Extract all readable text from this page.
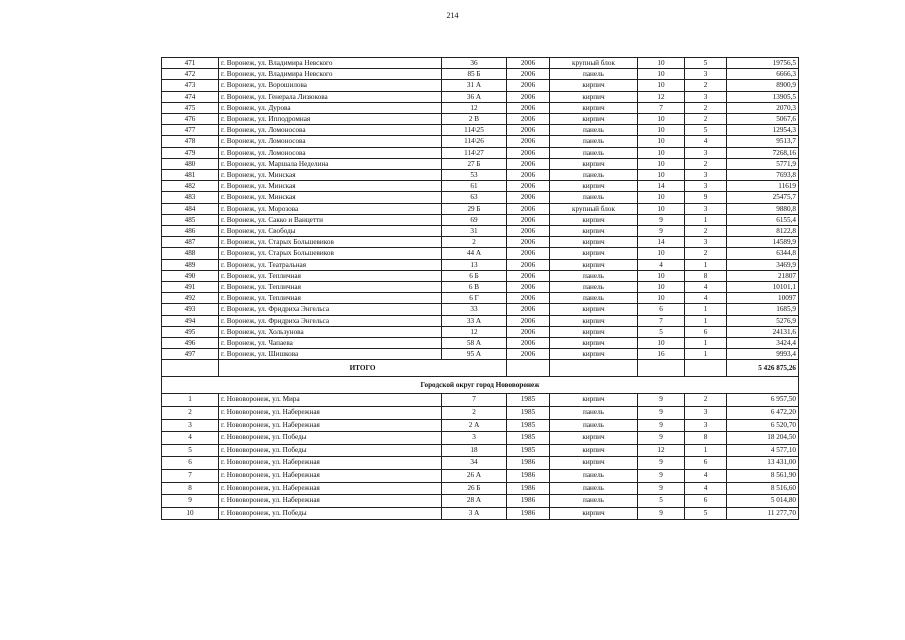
214
471	г. Воронеж, ул. Владимира Невского	36	2006	крупный блок	10	5	19756,5
472	г. Воронеж, ул. Владимира Невского	85 Б	2006	панель	10	3	6666,3
473	г. Воронеж, ул. Ворошилова	31 А	2006	кирпич	10	2	8900,9
474	г. Воронеж, ул. Генерала Лизюкова	36 А	2006	кирпич	12	3	13905,5
475	г. Воронеж, ул. Дурова	12	2006	кирпич	7	2	2070,3
476	г. Воронеж, ул. Ипподромная	2 В	2006	кирпич	10	2	5067,6
477	г. Воронеж, ул. Ломоносова	114\25	2006	панель	10	5	12954,3
478	г. Воронеж, ул. Ломоносова	114\26	2006	панель	10	4	9513,7
479	г. Воронеж, ул. Ломоносова	114\27	2006	панель	10	3	7268,16
480	г. Воронеж, ул. Маршала Неделина	27 Б	2006	кирпич	10	2	5771,9
481	г. Воронеж, ул. Минская	53	2006	панель	10	3	7693,8
482	г. Воронеж, ул. Минская	61	2006	кирпич	14	3	11619
483	г. Воронеж, ул. Минская	63	2006	панель	10	9	25475,7
484	г. Воронеж, ул. Морозова	29 Б	2006	крупный блок	10	3	9880,8
485	г. Воронеж, ул. Сакко и Ванцетти	69	2006	кирпич	9	1	6155,4
486	г. Воронеж, ул. Свободы	31	2006	кирпич	9	2	8122,8
487	г. Воронеж, ул. Старых Большевиков	2	2006	кирпич	14	3	14589,9
488	г. Воронеж, ул. Старых Большевиков	44 А	2006	кирпич	10	2	6344,8
489	г. Воронеж, ул. Театральная	13	2006	кирпич	4	1	3469,9
490	г. Воронеж, ул. Тепличная	6 Б	2006	панель	10	8	21807
491	г. Воронеж, ул. Тепличная	6 В	2006	панель	10	4	10101,1
492	г. Воронеж, ул. Тепличная	6 Г	2006	панель	10	4	10097
493	г. Воронеж, ул. Фридриха Энгельса	33	2006	кирпич	6	1	1685,9
494	г. Воронеж, ул. Фридриха Энгельса	33 А	2006	кирпич	7	1	5276,9
495	г. Воронеж, ул. Хользунова	12	2006	кирпич	5	6	24131,6
496	г. Воронеж, ул. Чапаева	58 А	2006	кирпич	10	1	3424,4
497	г. Воронеж, ул. Шишкова	95 А	2006	кирпич	16	1	9993,4
	ИТОГО						5 426 875,26
Городской округ город Нововоронеж							
1	г. Нововоронеж, ул. Мира	7	1985	кирпич	9	2	6 957,50
2	г. Нововоронеж, ул. Набережная	2	1985	панель	9	3	6 472,20
3	г. Нововоронеж, ул. Набережная	2 А	1985	панель	9	3	6 520,70
4	г. Нововоронеж, ул. Победы	3	1985	кирпич	9	8	18 204,50
5	г. Нововоронеж, ул. Победы	18	1985	кирпич	12	1	4 577,10
6	г. Нововоронеж, ул. Набережная	34	1986	кирпич	9	6	13 431,00
7	г. Нововоронеж, ул. Набережная	26 А	1986	панель	9	4	8 561,90
8	г. Нововоронеж, ул. Набережная	26 Б	1986	панель	9	4	8 516,60
9	г. Нововоронеж, ул. Набережная	28 А	1986	панель	5	6	5 014,80
10	г. Нововоронеж, ул. Победы	3 А	1986	кирпич	9	5	11 277,70
